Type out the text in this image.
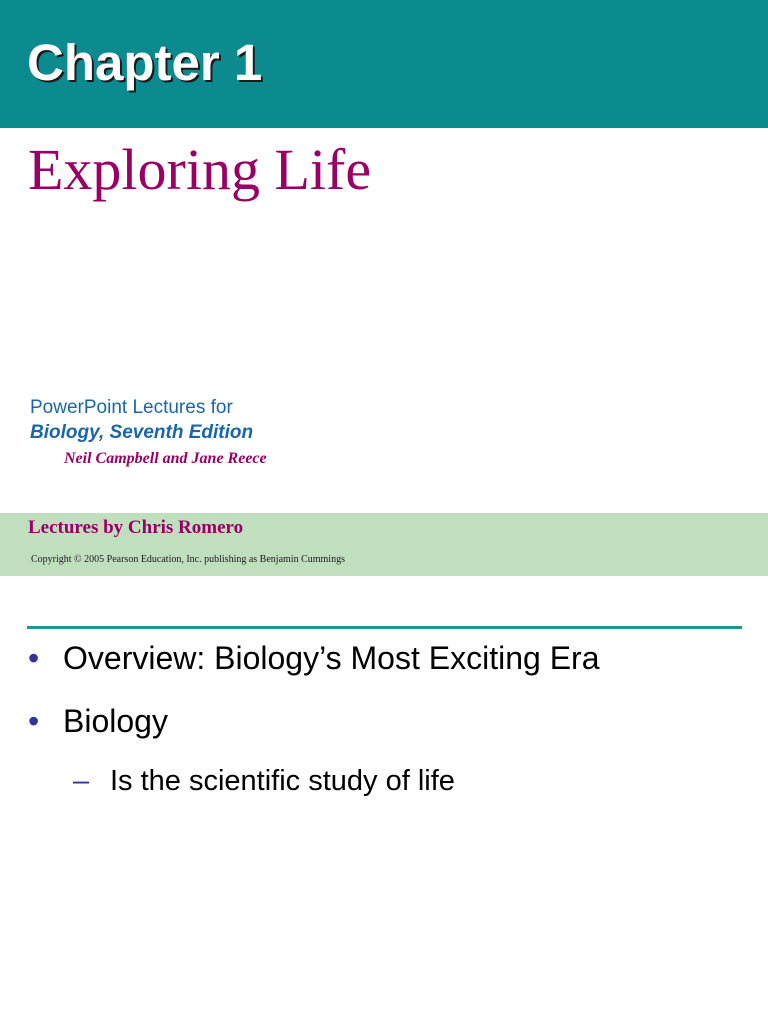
Chapter 1
Exploring Life
PowerPoint Lectures for
Biology, Seventh Edition
Neil Campbell and Jane Reece
Lectures by Chris Romero
Copyright © 2005 Pearson Education, Inc. publishing as Benjamin Cummings
• Overview: Biology’s Most Exciting Era
• Biology
– Is the scientific study of life
